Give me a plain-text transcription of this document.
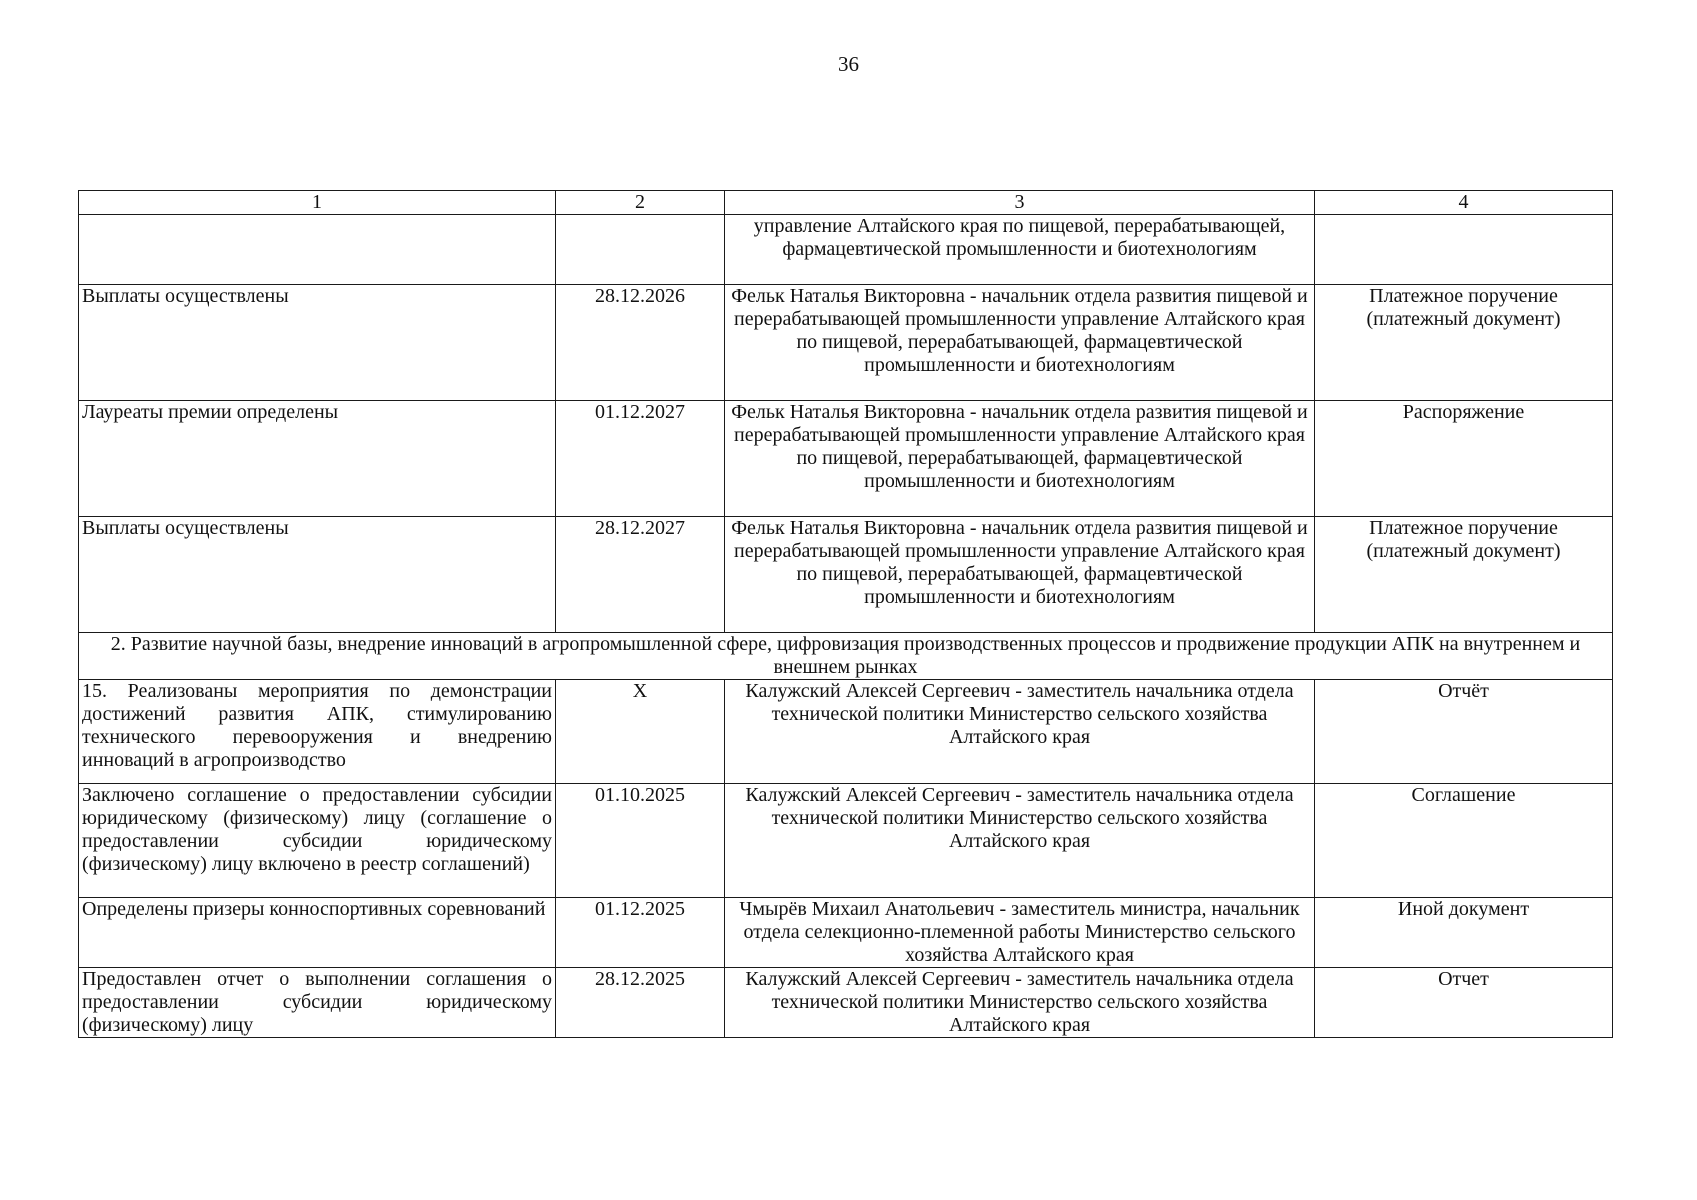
36
1	2	3	4
		управление Алтайского края по пищевой, перерабатывающей, фармацевтической промышленности и биотехнологиям	
Выплаты осуществлены	28.12.2026	Фельк Наталья Викторовна - начальник отдела развития пищевой и перерабатывающей промышленности управление Алтайского края по пищевой, перерабатывающей, фармацевтической промышленности и биотехнологиям	Платежное поручение (платежный документ)
Лауреаты премии определены	01.12.2027	Фельк Наталья Викторовна - начальник отдела развития пищевой и перерабатывающей промышленности управление Алтайского края по пищевой, перерабатывающей, фармацевтической промышленности и биотехнологиям	Распоряжение
Выплаты осуществлены	28.12.2027	Фельк Наталья Викторовна - начальник отдела развития пищевой и перерабатывающей промышленности управление Алтайского края по пищевой, перерабатывающей, фармацевтической промышленности и биотехнологиям	Платежное поручение (платежный документ)
2. Развитие научной базы, внедрение инноваций в агропромышленной сфере, цифровизация производственных процессов и продвижение продукции АПК на внутреннем и внешнем рынках			
15. Реализованы мероприятия по демонстрации достижений развития АПК, стимулированию технического перевооружения и внедрению инноваций в агропроизводство	X	Калужский Алексей Сергеевич - заместитель начальника отдела технической политики Министерство сельского хозяйства Алтайского края	Отчёт
Заключено соглашение о предоставлении субсидии юридическому (физическому) лицу (соглашение о предоставлении субсидии юридическому (физическому) лицу включено в реестр соглашений)	01.10.2025	Калужский Алексей Сергеевич - заместитель начальника отдела технической политики Министерство сельского хозяйства Алтайского края	Соглашение
Определены призеры конноспортивных соревнований	01.12.2025	Чмырёв Михаил Анатольевич - заместитель министра, начальник отдела селекционно-племенной работы Министерство сельского хозяйства Алтайского края	Иной документ
Предоставлен отчет о выполнении соглашения о предоставлении субсидии юридическому (физическому) лицу	28.12.2025	Калужский Алексей Сергеевич - заместитель начальника отдела технической политики Министерство сельского хозяйства Алтайского края	Отчет
